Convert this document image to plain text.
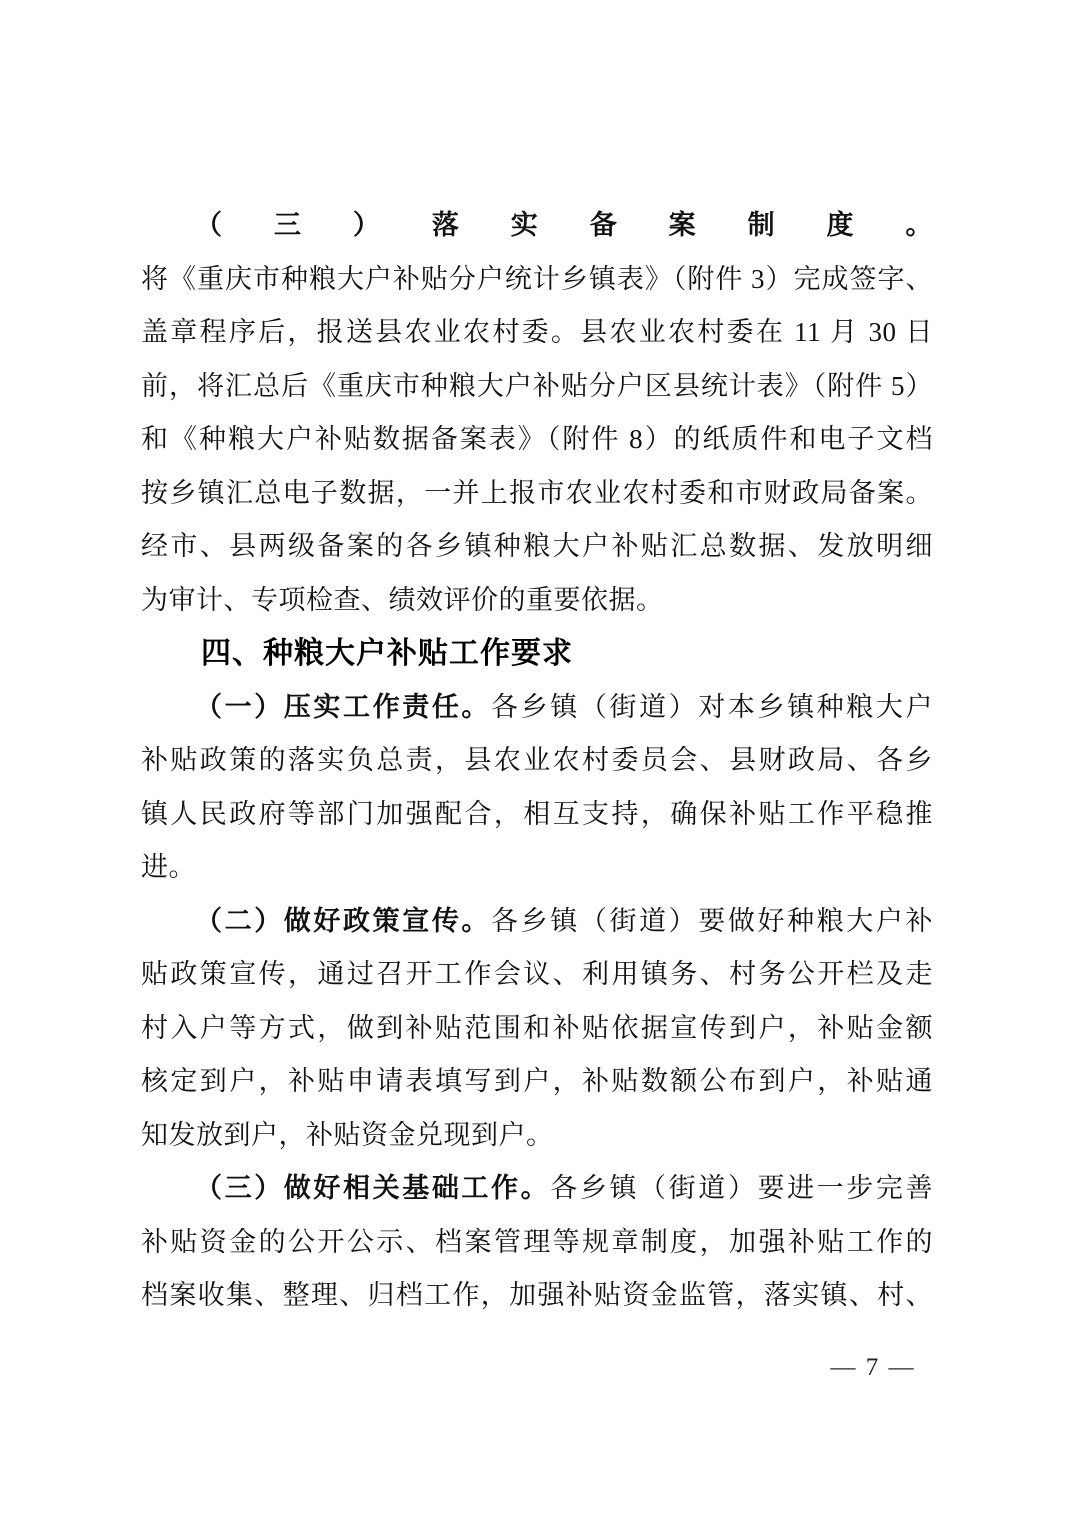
（三）落实备案制度。
将《重庆市种粮大户补贴分户统计乡镇表》（附件 3）完成签字、
盖章程序后，报送县农业农村委。县农业农村委在 11 月 30 日
前，将汇总后《重庆市种粮大户补贴分户区县统计表》（附件 5）
和《种粮大户补贴数据备案表》（附件 8）的纸质件和电子文档
按乡镇汇总电子数据，一并上报市农业农村委和市财政局备案。
经市、县两级备案的各乡镇种粮大户补贴汇总数据、发放明细
为审计、专项检查、绩效评价的重要依据。
四、种粮大户补贴工作要求
（一）压实工作责任。各乡镇（街道）对本乡镇种粮大户
补贴政策的落实负总责，县农业农村委员会、县财政局、各乡
镇人民政府等部门加强配合，相互支持，确保补贴工作平稳推
进。
（二）做好政策宣传。各乡镇（街道）要做好种粮大户补
贴政策宣传，通过召开工作会议、利用镇务、村务公开栏及走
村入户等方式，做到补贴范围和补贴依据宣传到户，补贴金额
核定到户，补贴申请表填写到户，补贴数额公布到户，补贴通
知发放到户，补贴资金兑现到户。
（三）做好相关基础工作。各乡镇（街道）要进一步完善
补贴资金的公开公示、档案管理等规章制度，加强补贴工作的
档案收集、整理、归档工作，加强补贴资金监管，落实镇、村、
— 7 —
